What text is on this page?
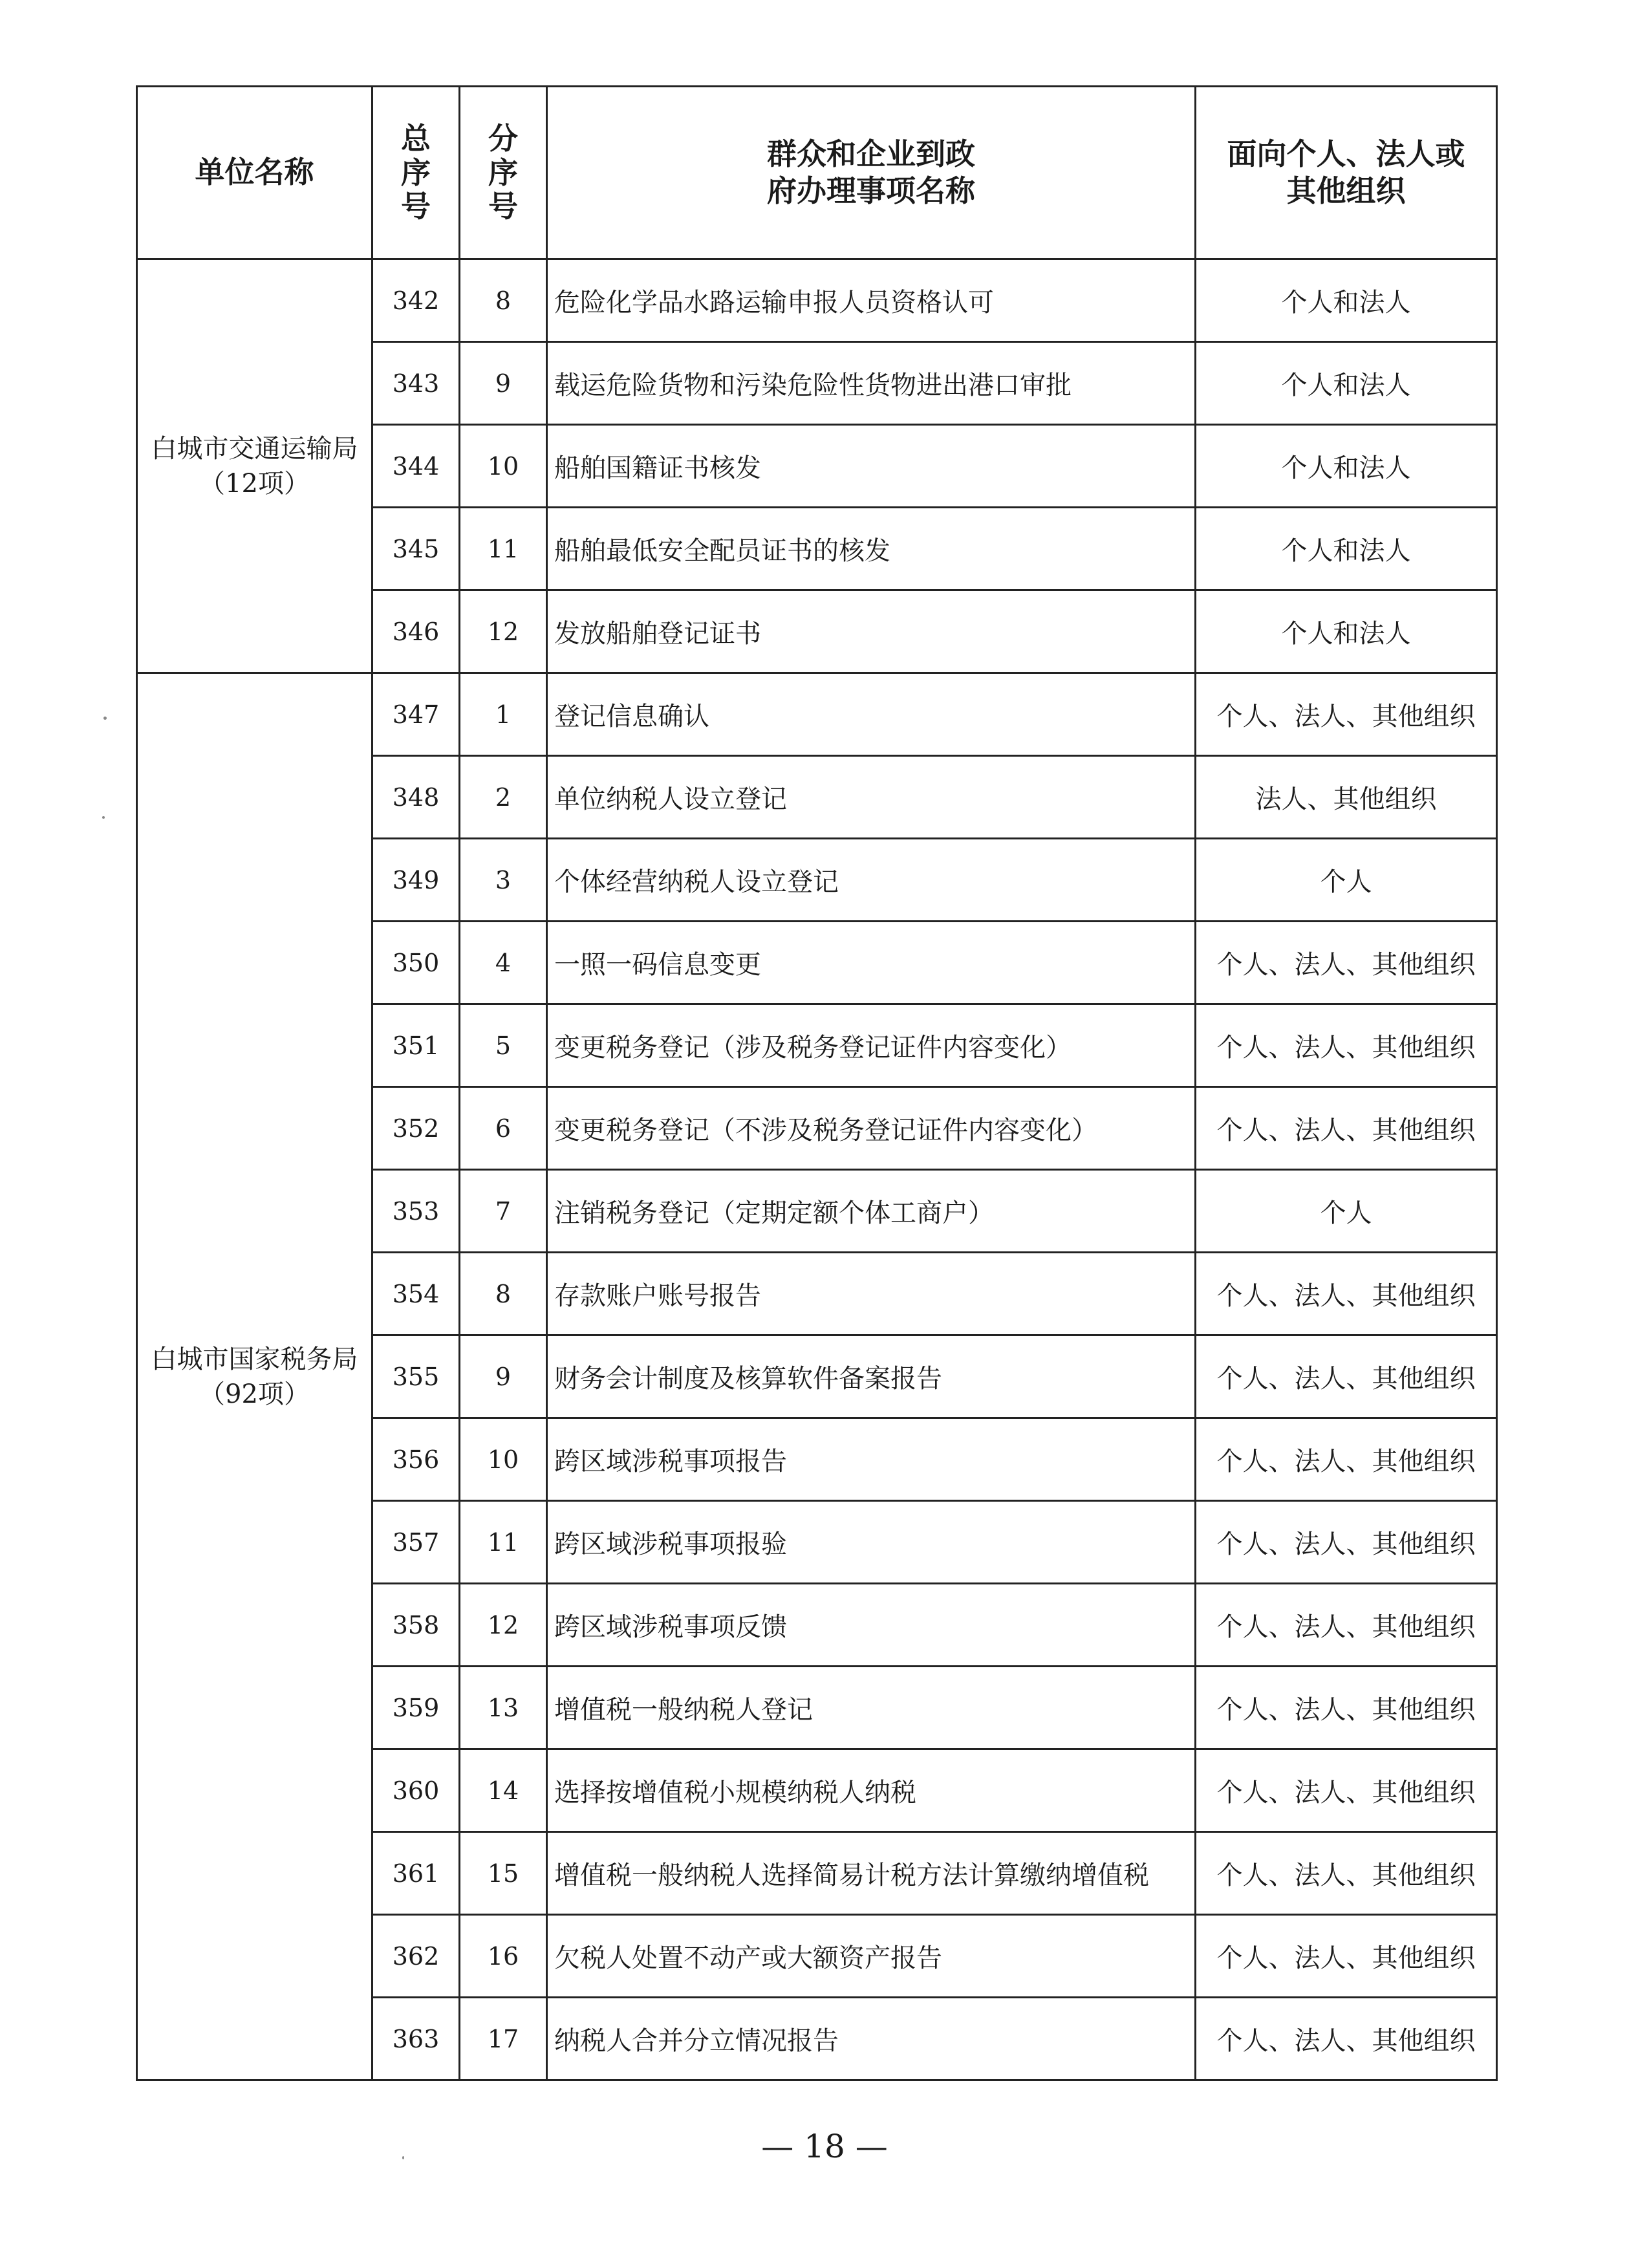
单位名称	总序号	分序号	群众和企业到政府办理事项名称	面向个人、法人或其他组织

白城市交通运输局
（12项）	342	8	危险化学品水路运输申报人员资格认可	个人和法人
	343	9	载运危险货物和污染危险性货物进出港口审批	个人和法人
	344	10	船舶国籍证书核发	个人和法人
	345	11	船舶最低安全配员证书的核发	个人和法人
	346	12	发放船舶登记证书	个人和法人

白城市国家税务局
（92项）	347	1	登记信息确认	个人、法人、其他组织
	348	2	单位纳税人设立登记	法人、其他组织
	349	3	个体经营纳税人设立登记	个人
	350	4	一照一码信息变更	个人、法人、其他组织
	351	5	变更税务登记（涉及税务登记证件内容变化）	个人、法人、其他组织
	352	6	变更税务登记（不涉及税务登记证件内容变化）	个人、法人、其他组织
	353	7	注销税务登记（定期定额个体工商户）	个人
	354	8	存款账户账号报告	个人、法人、其他组织
	355	9	财务会计制度及核算软件备案报告	个人、法人、其他组织
	356	10	跨区域涉税事项报告	个人、法人、其他组织
	357	11	跨区域涉税事项报验	个人、法人、其他组织
	358	12	跨区域涉税事项反馈	个人、法人、其他组织
	359	13	增值税一般纳税人登记	个人、法人、其他组织
	360	14	选择按增值税小规模纳税人纳税	个人、法人、其他组织
	361	15	增值税一般纳税人选择简易计税方法计算缴纳增值税	个人、法人、其他组织
	362	16	欠税人处置不动产或大额资产报告	个人、法人、其他组织
	363	17	纳税人合并分立情况报告	个人、法人、其他组织
— 18 —
